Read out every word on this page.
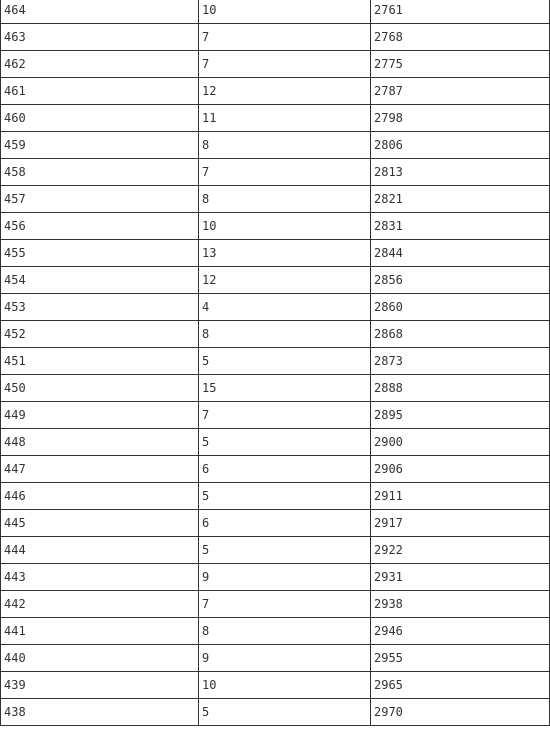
464	10	2761
463	7	2768
462	7	2775
461	12	2787
460	11	2798
459	8	2806
458	7	2813
457	8	2821
456	10	2831
455	13	2844
454	12	2856
453	4	2860
452	8	2868
451	5	2873
450	15	2888
449	7	2895
448	5	2900
447	6	2906
446	5	2911
445	6	2917
444	5	2922
443	9	2931
442	7	2938
441	8	2946
440	9	2955
439	10	2965
438	5	2970
